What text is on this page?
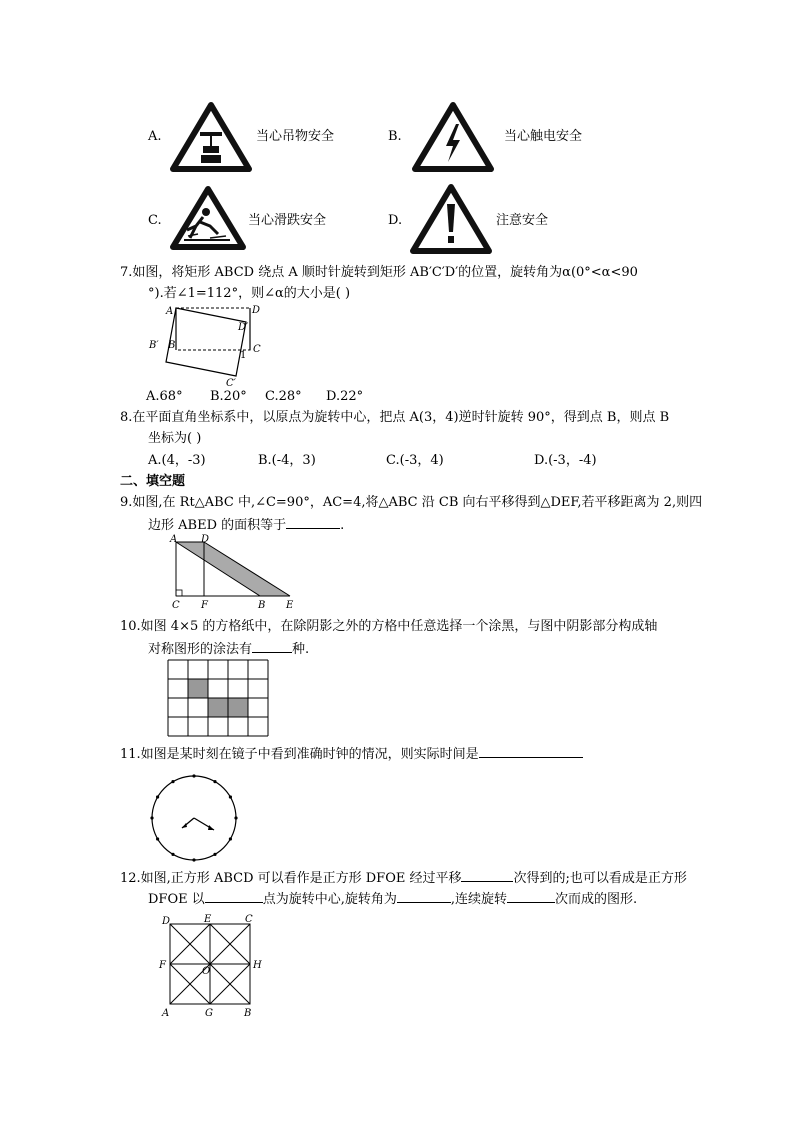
A.	当心吊物安全	B.	当心触电安全
C.	当心滑跌安全	D.	注意安全
7.如图，将矩形 ABCD 绕点 A 顺时针旋转到矩形 AB′C′D′的位置，旋转角为α(0°<α<90
°).若∠1=112°，则∠α的大小是( )
A	D
D′
B′ B	C
1
C′
A.68° B.20° C.28° D.22°
8.在平面直角坐标系中，以原点为旋转中心，把点 A(3，4)逆时针旋转 90°，得到点 B，则点 B
坐标为( )
A.(4，-3)	B.(-4，3)	C.(-3，4)	D.(-3，-4)
二、填空题
9.如图,在 Rt△ABC 中,∠C=90°，AC=4,将△ABC 沿 CB 向右平移得到△DEF,若平移距离为 2,则四
边形 ABED 的面积等于	.
A D
C F	B E
10.如图 4×5 的方格纸中，在除阴影之外的方格中任意选择一个涂黑，与图中阴影部分构成轴
对称图形的涂法有	种.
11.如图是某时刻在镜子中看到准确时钟的情况，则实际时间是
12.如图,正方形 ABCD 可以看作是正方形 DFOE 经过平移	次得到的;也可以看成是正方形
DFOE 以	点为旋转中心,旋转角为	,连续旋转	次而成的图形.
D	E	C
F
O
H
A	G	B
